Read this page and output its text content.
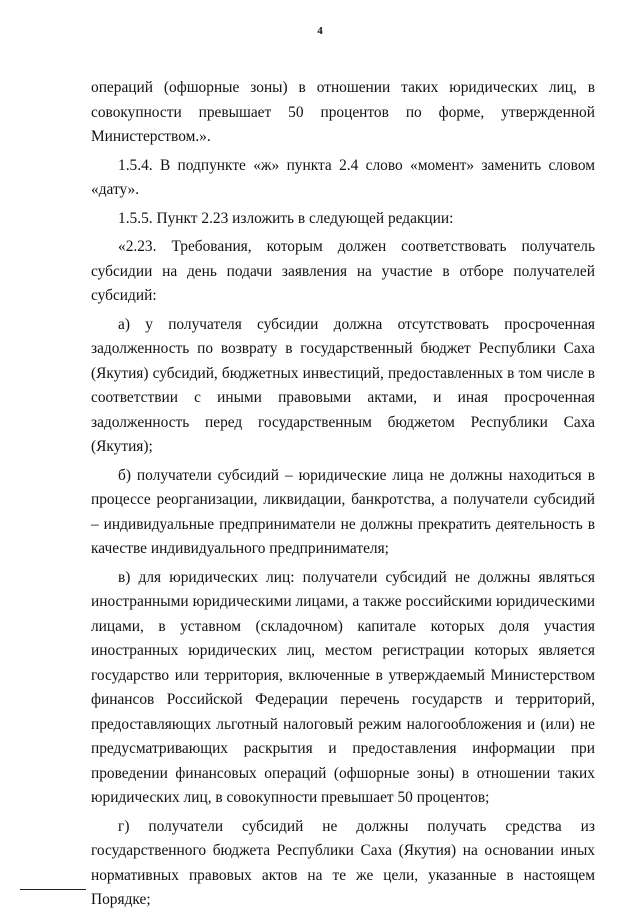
4

операций (офшорные зоны) в отношении таких юридических лиц, в совокупности превышает 50 процентов по форме, утвержденной Министерством.».

1.5.4. В подпункте «ж» пункта 2.4 слово «момент» заменить словом «дату».

1.5.5. Пункт 2.23 изложить в следующей редакции:

«2.23. Требования, которым должен соответствовать получатель субсидии на день подачи заявления на участие в отборе получателей субсидий:

а) у получателя субсидии должна отсутствовать просроченная задолженность по возврату в государственный бюджет Республики Саха (Якутия) субсидий, бюджетных инвестиций, предоставленных в том числе в соответствии с иными правовыми актами, и иная просроченная задолженность перед государственным бюджетом Республики Саха (Якутия);

б) получатели субсидий – юридические лица не должны находиться в процессе реорганизации, ликвидации, банкротства, а получатели субсидий – индивидуальные предприниматели не должны прекратить деятельность в качестве индивидуального предпринимателя;

в) для юридических лиц: получатели субсидий не должны являться иностранными юридическими лицами, а также российскими юридическими лицами, в уставном (складочном) капитале которых доля участия иностранных юридических лиц, местом регистрации которых является государство или территория, включенные в утверждаемый Министерством финансов Российской Федерации перечень государств и территорий, предоставляющих льготный налоговый режим налогообложения и (или) не предусматривающих раскрытия и предоставления информации при проведении финансовых операций (офшорные зоны) в отношении таких юридических лиц, в совокупности превышает 50 процентов;

г) получатели субсидий не должны получать средства из государственного бюджета Республики Саха (Якутия) на основании иных нормативных правовых актов на те же цели, указанные в настоящем Порядке;
